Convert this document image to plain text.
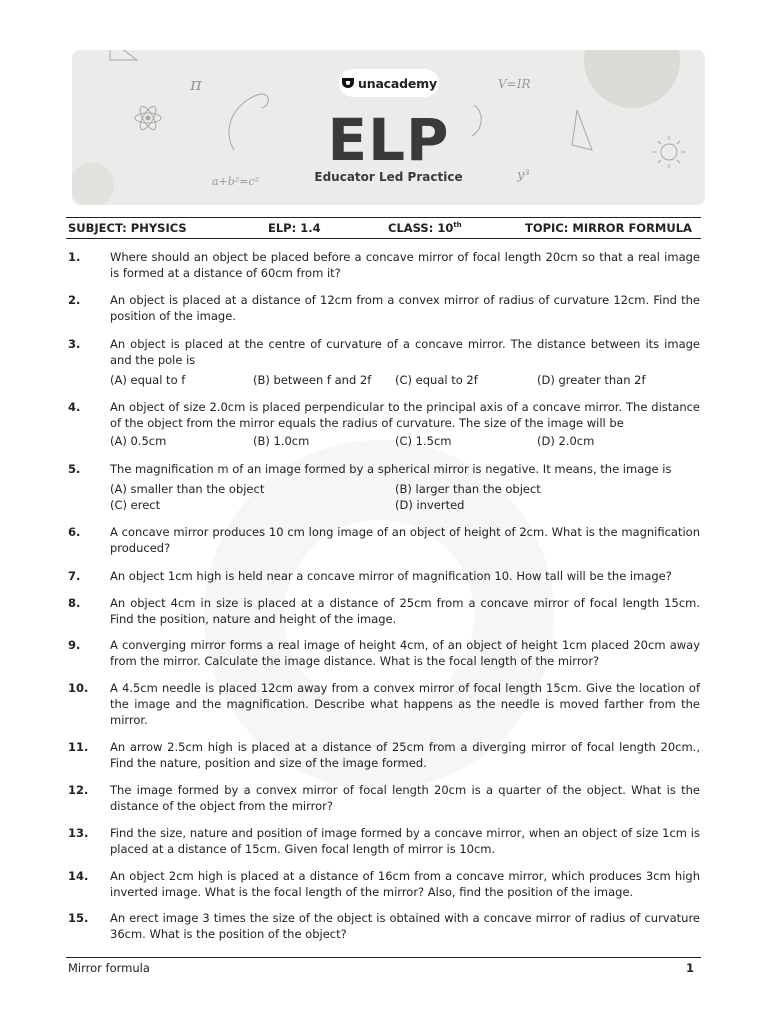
π	V=IR
a+b²=c²	y³
unacademy
ELP
Educator Led Practice
SUBJECT: PHYSICS	ELP: 1.4	CLASS: 10th	TOPIC: MIRROR FORMULA
1.	Where should an object be placed before a concave mirror of focal length 20cm so that a real image is formed at a distance of 60cm from it?
2.	An object is placed at a distance of 12cm from a convex mirror of radius of curvature 12cm. Find the position of the image.
3.	An object is placed at the centre of curvature of a concave mirror. The distance between its image and the pole is
(A) equal to f	(B) between f and 2f (C) equal to 2f	(D) greater than 2f
4.	An object of size 2.0cm is placed perpendicular to the principal axis of a concave mirror. The distance of the object from the mirror equals the radius of curvature. The size of the image will be
(A) 0.5cm	(B) 1.0cm	(C) 1.5cm	(D) 2.0cm
5.	The magnification m of an image formed by a spherical mirror is negative. It means, the image is
(A) smaller than the object	(B) larger than the object
(C) erect	(D) inverted
6.	A concave mirror produces 10 cm long image of an object of height of 2cm. What is the magnification produced?
7.	An object 1cm high is held near a concave mirror of magnification 10. How tall will be the image?
8.	An object 4cm in size is placed at a distance of 25cm from a concave mirror of focal length 15cm. Find the position, nature and height of the image.
9.	A converging mirror forms a real image of height 4cm, of an object of height 1cm placed 20cm away from the mirror. Calculate the image distance. What is the focal length of the mirror?
10. A 4.5cm needle is placed 12cm away from a convex mirror of focal length 15cm. Give the location of the image and the magnification. Describe what happens as the needle is moved farther from the mirror.
11. An arrow 2.5cm high is placed at a distance of 25cm from a diverging mirror of focal length 20cm., Find the nature, position and size of the image formed.
12. The image formed by a convex mirror of focal length 20cm is a quarter of the object. What is the distance of the object from the mirror?
13. Find the size, nature and position of image formed by a concave mirror, when an object of size 1cm is placed at a distance of 15cm. Given focal length of mirror is 10cm.
14. An object 2cm high is placed at a distance of 16cm from a concave mirror, which produces 3cm high inverted image. What is the focal length of the mirror? Also, find the position of the image.
15. An erect image 3 times the size of the object is obtained with a concave mirror of radius of curvature 36cm. What is the position of the object?
Mirror formula	1
